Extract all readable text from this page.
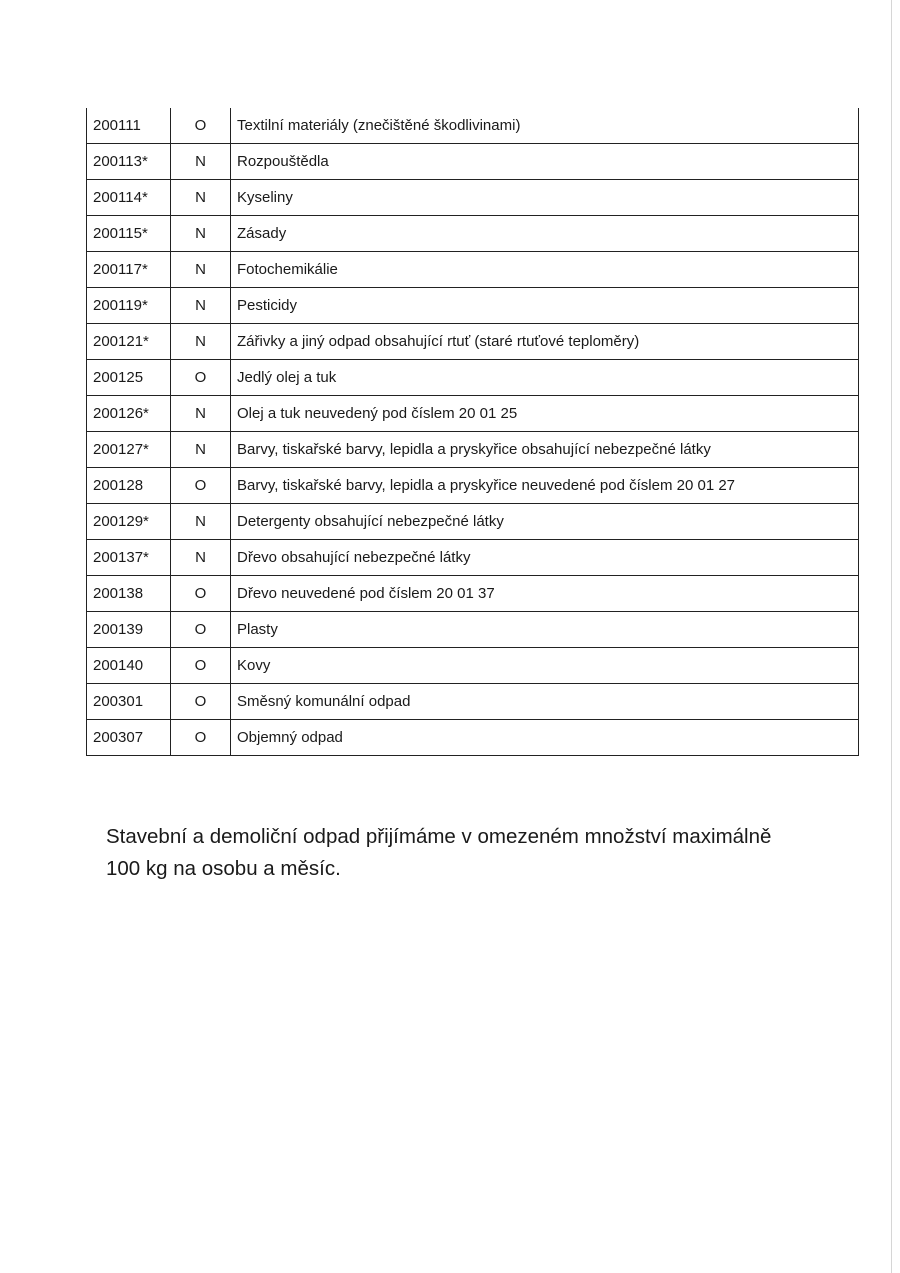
200111	O	Textilní materiály (znečištěné škodlivinami)
200113*	N	Rozpouštědla
200114*	N	Kyseliny
200115*	N	Zásady
200117*	N	Fotochemikálie
200119*	N	Pesticidy
200121*	N	Zářivky a jiný odpad obsahující rtuť (staré rtuťové teploměry)
200125	O	Jedlý olej a tuk
200126*	N	Olej a tuk neuvedený pod číslem 20 01 25
200127*	N	Barvy, tiskařské barvy, lepidla a pryskyřice obsahující nebezpečné látky
200128	O	Barvy, tiskařské barvy, lepidla a pryskyřice neuvedené pod číslem 20 01 27
200129*	N	Detergenty obsahující nebezpečné látky
200137*	N	Dřevo obsahující nebezpečné látky
200138	O	Dřevo neuvedené pod číslem 20 01 37
200139	O	Plasty
200140	O	Kovy
200301	O	Směsný komunální odpad
200307	O	Objemný odpad

Stavební a demoliční odpad přijímáme v omezeném množství maximálně 100 kg na osobu a měsíc.
